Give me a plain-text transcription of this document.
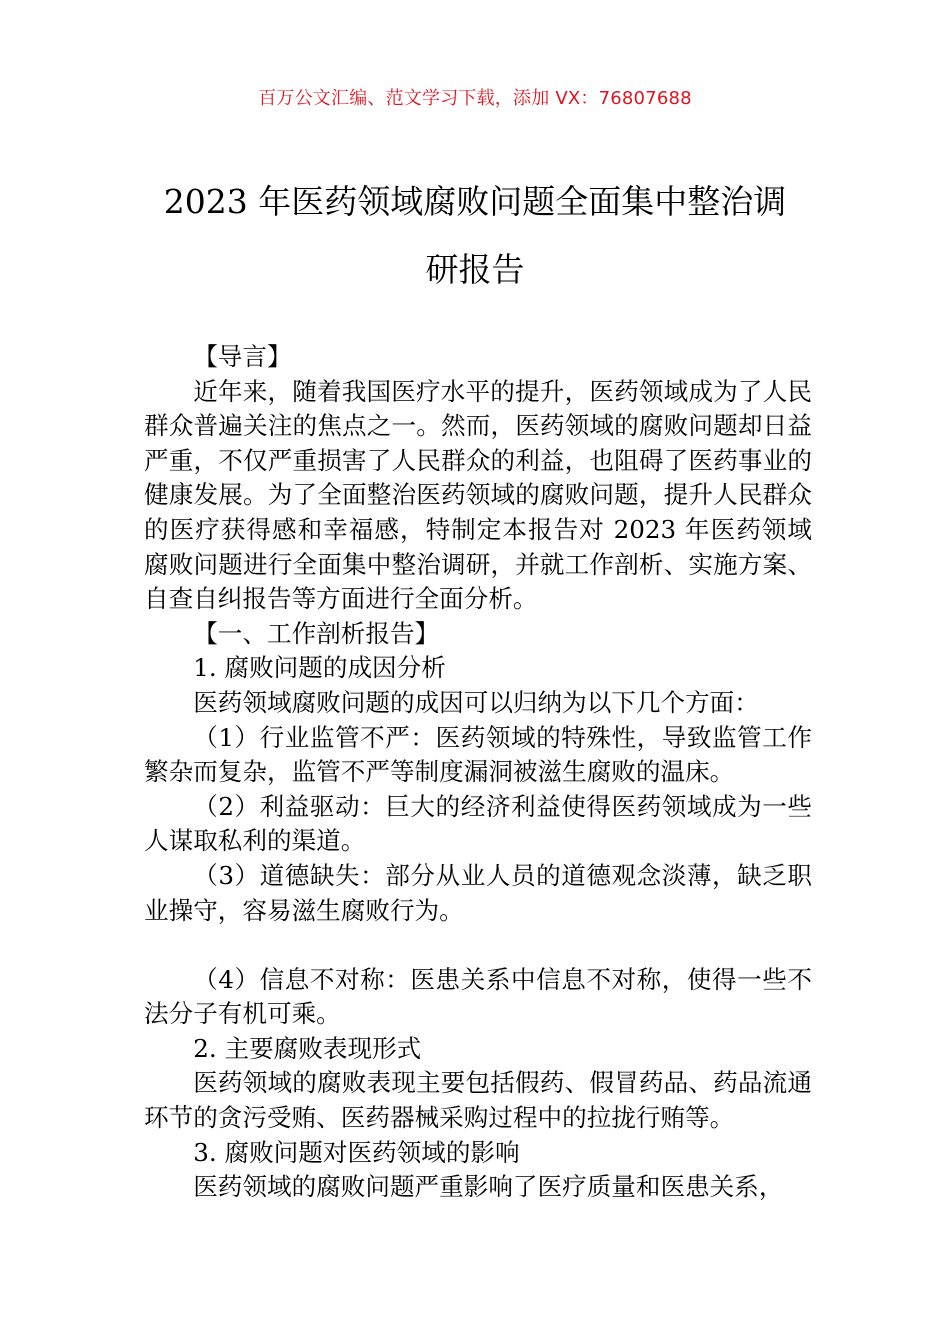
百万公文汇编、范文学习下载，添加 VX：76807688
2023 年医药领域腐败问题全面集中整治调
研报告

【导言】

近年来，随着我国医疗水平的提升，医药领域成为了人民群众普遍关注的焦点之一。然而，医药领域的腐败问题却日益严重，不仅严重损害了人民群众的利益，也阻碍了医药事业的健康发展。为了全面整治医药领域的腐败问题，提升人民群众的医疗获得感和幸福感，特制定本报告对 2023 年医药领域腐败问题进行全面集中整治调研，并就工作剖析、实施方案、自查自纠报告等方面进行全面分析。

【一、工作剖析报告】

1. 腐败问题的成因分析

医药领域腐败问题的成因可以归纳为以下几个方面：

（1）行业监管不严：医药领域的特殊性，导致监管工作繁杂而复杂，监管不严等制度漏洞被滋生腐败的温床。

（2）利益驱动：巨大的经济利益使得医药领域成为一些人谋取私利的渠道。

（3）道德缺失：部分从业人员的道德观念淡薄，缺乏职业操守，容易滋生腐败行为。

（4）信息不对称：医患关系中信息不对称，使得一些不法分子有机可乘。

2. 主要腐败表现形式

医药领域的腐败表现主要包括假药、假冒药品、药品流通环节的贪污受贿、医药器械采购过程中的拉拢行贿等。

3. 腐败问题对医药领域的影响

医药领域的腐败问题严重影响了医疗质量和医患关系，
